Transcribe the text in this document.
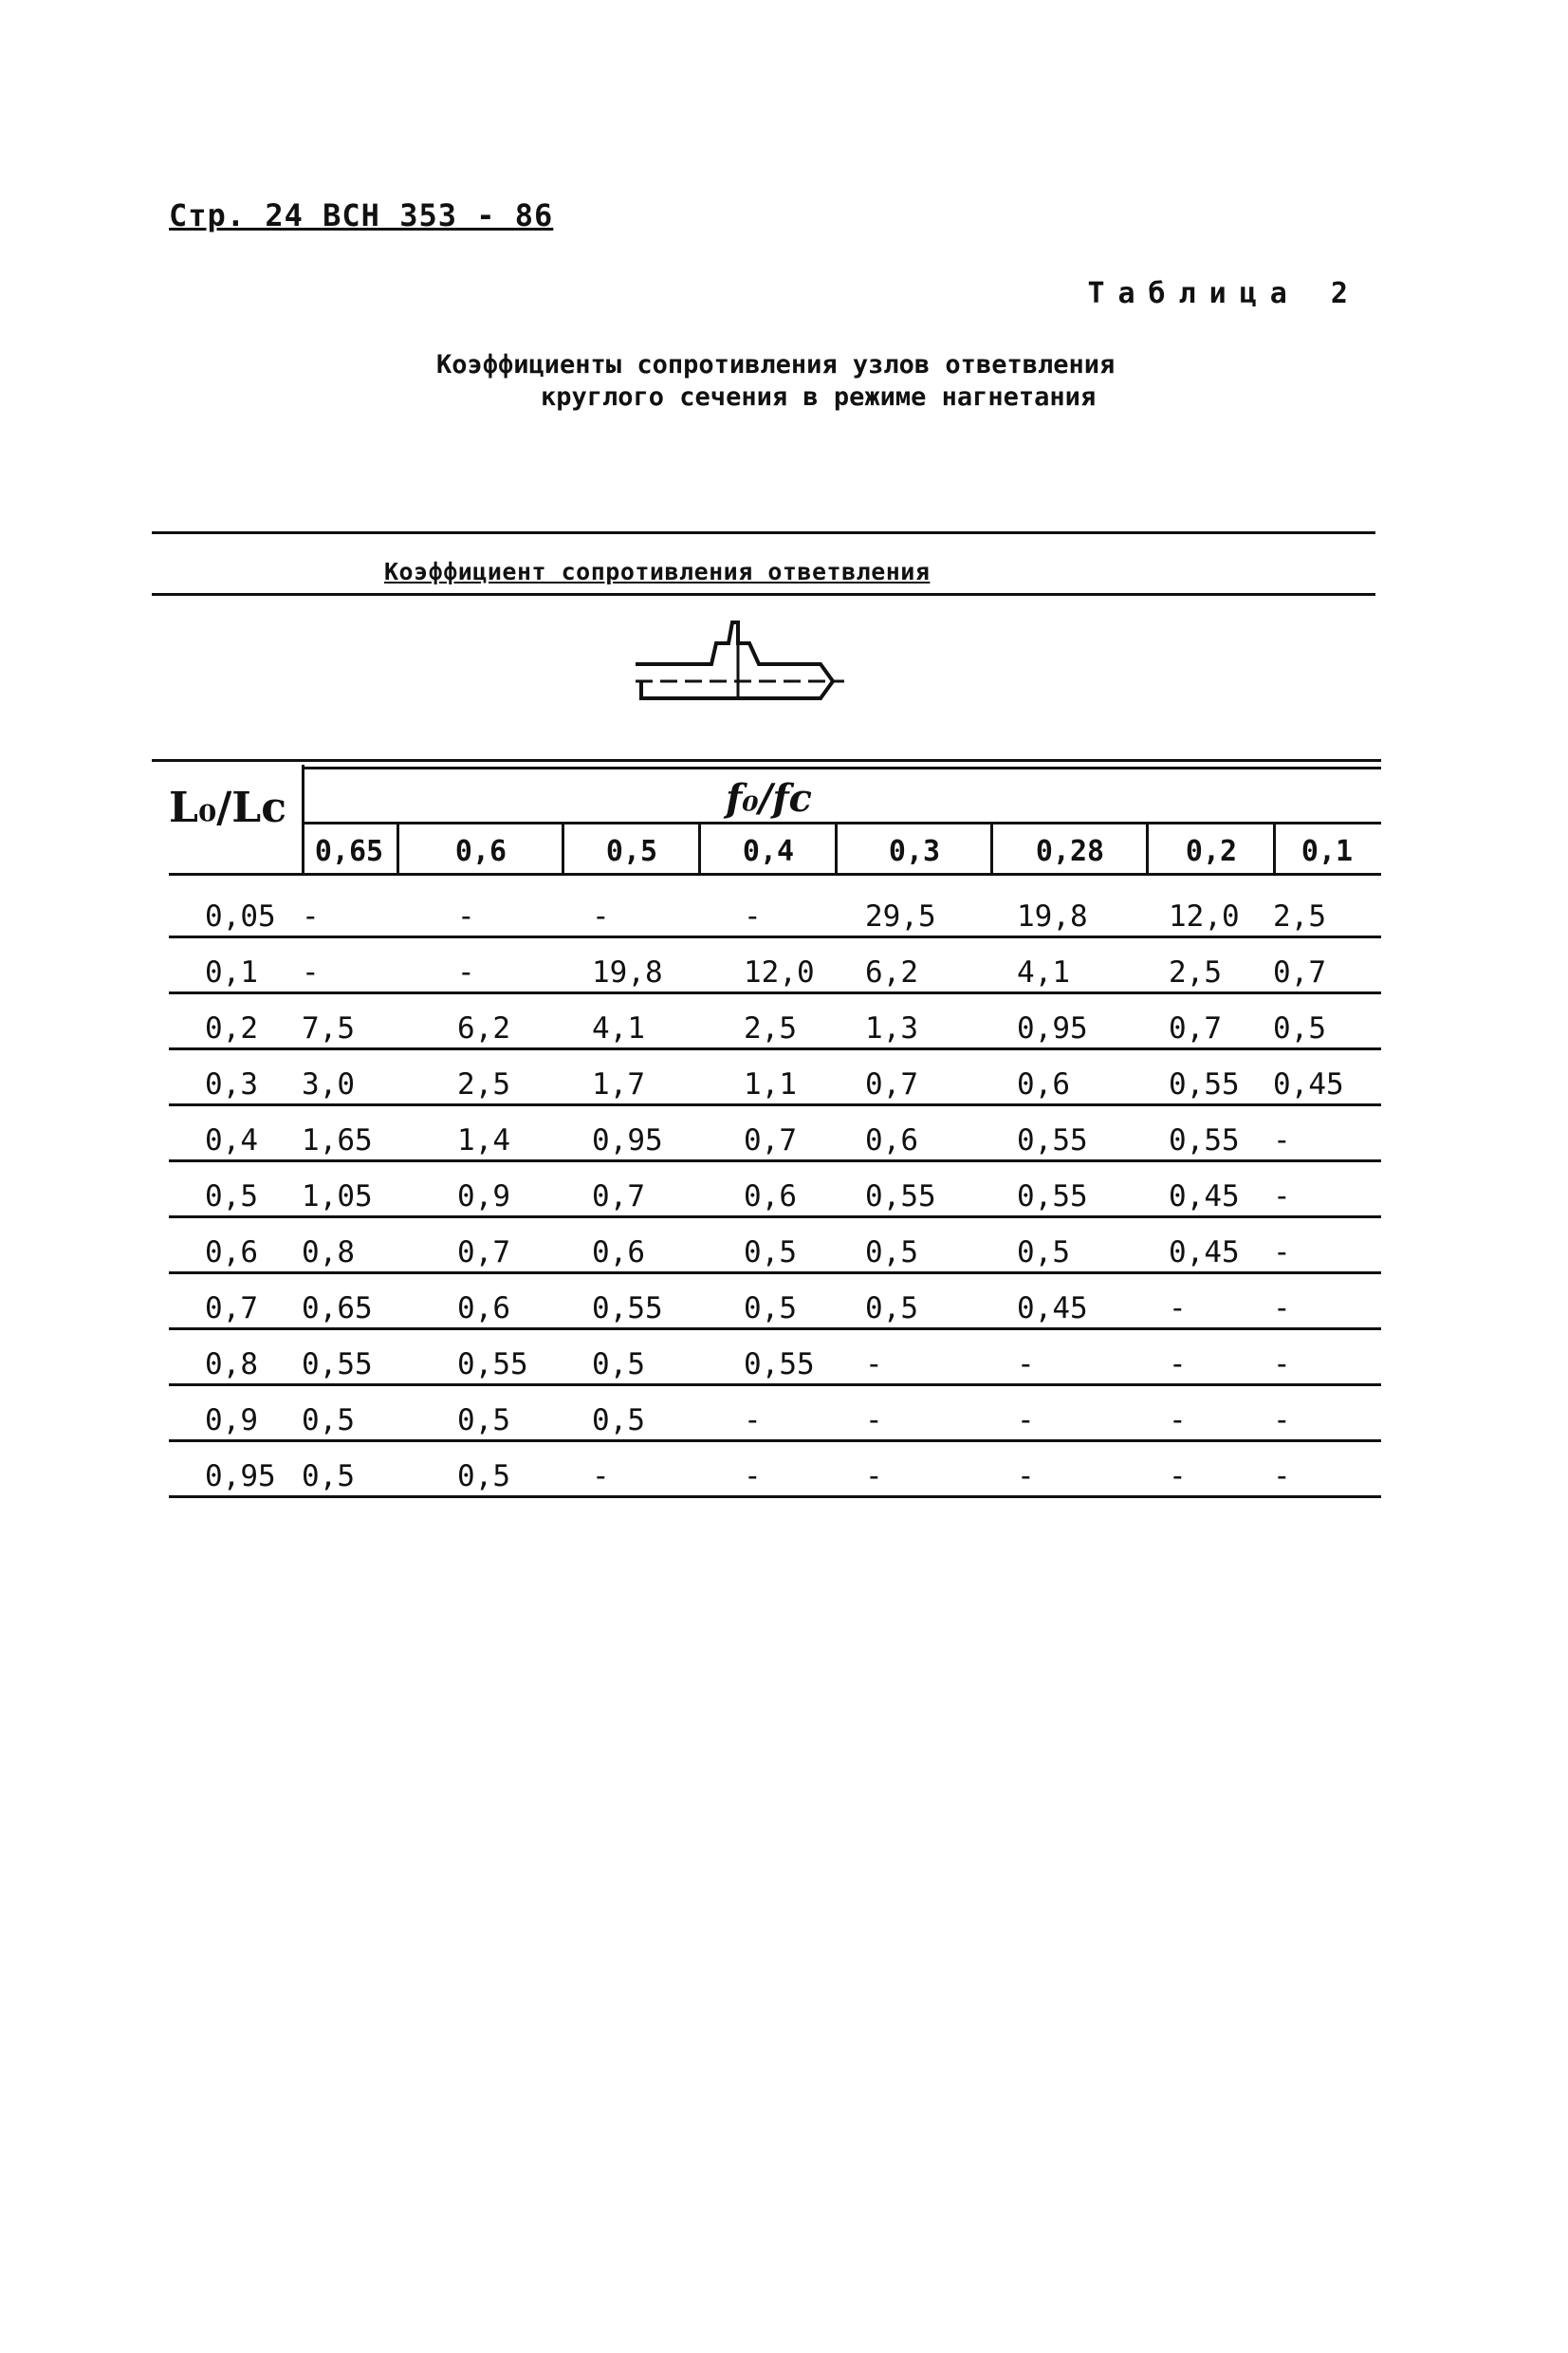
Стр. 24 ВСН 353 - 86
Таблица 2
Коэффициенты сопротивления узлов ответвления
круглого сечения в режиме нагнетания
Коэффициент сопротивления ответвления
L₀/Lc	f₀/fc
0,65	0,6	0,5	0,4	0,3	0,28	0,2	0,1
0,05	-	-	-	-	29,5	19,8	12,0	2,5
0,1	-	-	19,8	12,0	6,2	4,1	2,5	0,7
0,2	7,5	6,2	4,1	2,5	1,3	0,95	0,7	0,5
0,3	3,0	2,5	1,7	1,1	0,7	0,6	0,55	0,45
0,4	1,65	1,4	0,95	0,7	0,6	0,55	0,55	-
0,5	1,05	0,9	0,7	0,6	0,55	0,55	0,45	-
0,6	0,8	0,7	0,6	0,5	0,5	0,5	0,45	-
0,7	0,65	0,6	0,55	0,5	0,5	0,45	-	-
0,8	0,55	0,55	0,5	0,55	-	-	-	-
0,9	0,5	0,5	0,5	-	-	-	-	-
0,95	0,5	0,5	-	-	-	-	-	-
